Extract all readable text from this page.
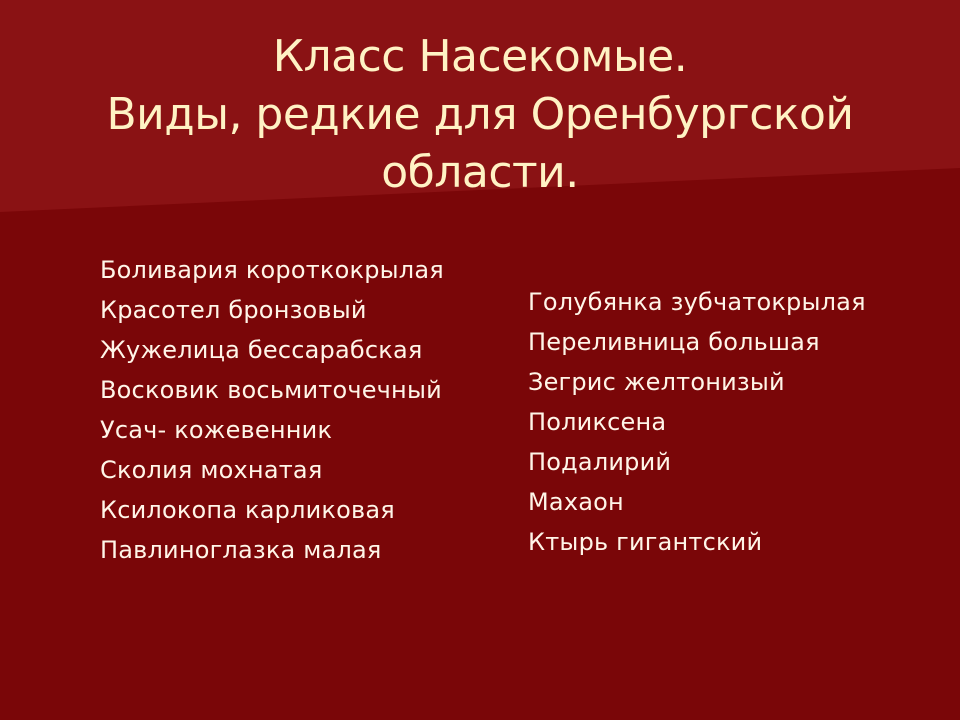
Класс Насекомые.
Виды, редкие для Оренбургской
области.
Боливария короткокрылая
Красотел бронзовый
Жужелица бессарабская
Восковик восьмиточечный
Усач- кожевенник
Сколия мохнатая
Ксилокопа карликовая
Павлиноглазка малая
Голубянка зубчатокрылая
Переливница большая
Зегрис желтонизый
Поликсена
Подалирий
Махаон
Ктырь гигантский
